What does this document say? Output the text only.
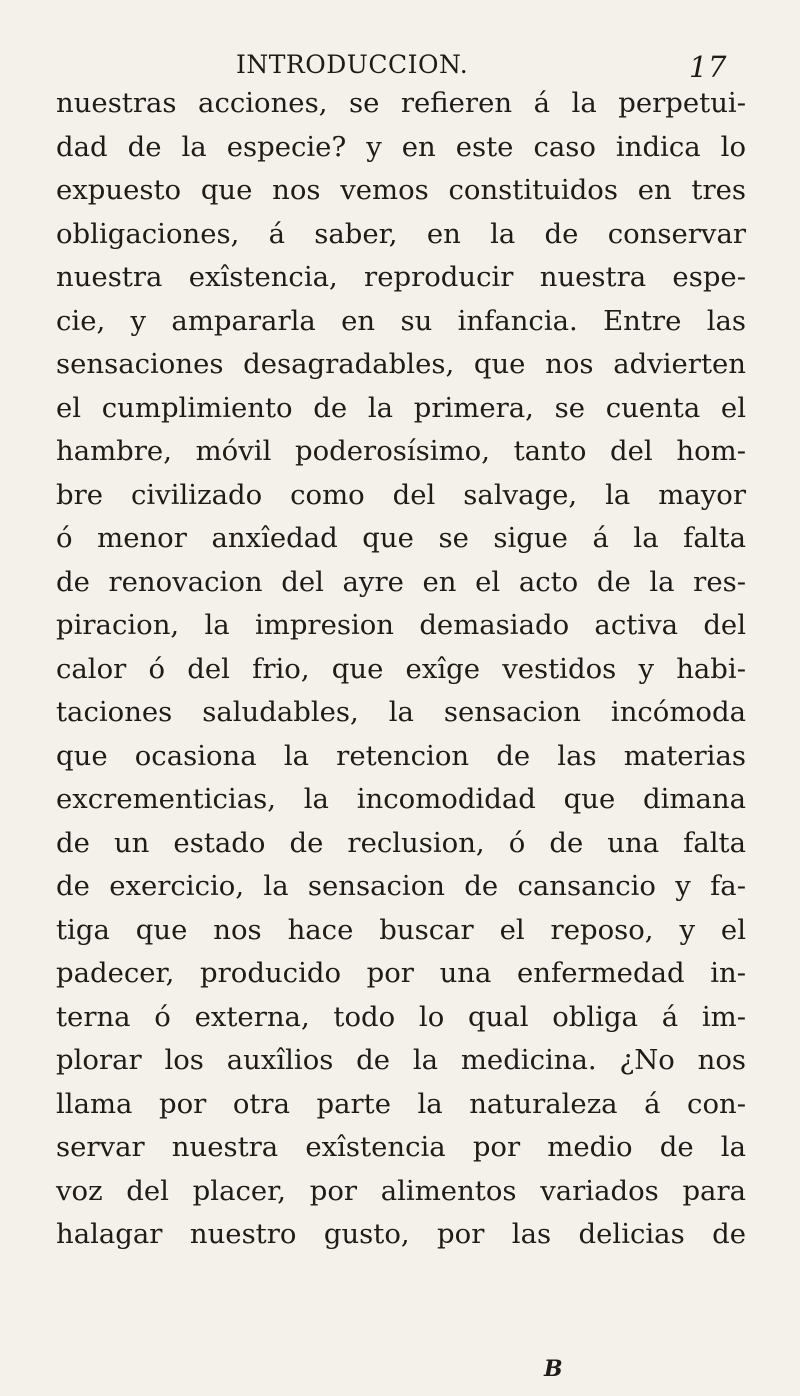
INTRODUCCION.	17
nuestras acciones, se refieren á la perpetui-
dad de la especie? y en este caso indica lo
expuesto que nos vemos constituidos en tres
obligaciones, á saber, en la de conservar
nuestra exîstencia, reproducir nuestra espe-
cie, y ampararla en su infancia. Entre las
sensaciones desagradables, que nos advierten
el cumplimiento de la primera, se cuenta el
hambre, móvil poderosísimo, tanto del hom-
bre civilizado como del salvage, la mayor
ó menor anxîedad que se sigue á la falta
de renovacion del ayre en el acto de la res-
piracion, la impresion demasiado activa del
calor ó del frio, que exîge vestidos y habi-
taciones saludables, la sensacion incómoda
que ocasiona la retencion de las materias
excrementicias, la incomodidad que dimana
de un estado de reclusion, ó de una falta
de exercicio, la sensacion de cansancio y fa-
tiga que nos hace buscar el reposo, y el
padecer, producido por una enfermedad in-
terna ó externa, todo lo qual obliga á im-
plorar los auxîlios de la medicina. ¿No nos
llama por otra parte la naturaleza á con-
servar nuestra exîstencia por medio de la
voz del placer, por alimentos variados para
halagar nuestro gusto, por las delicias de
B
